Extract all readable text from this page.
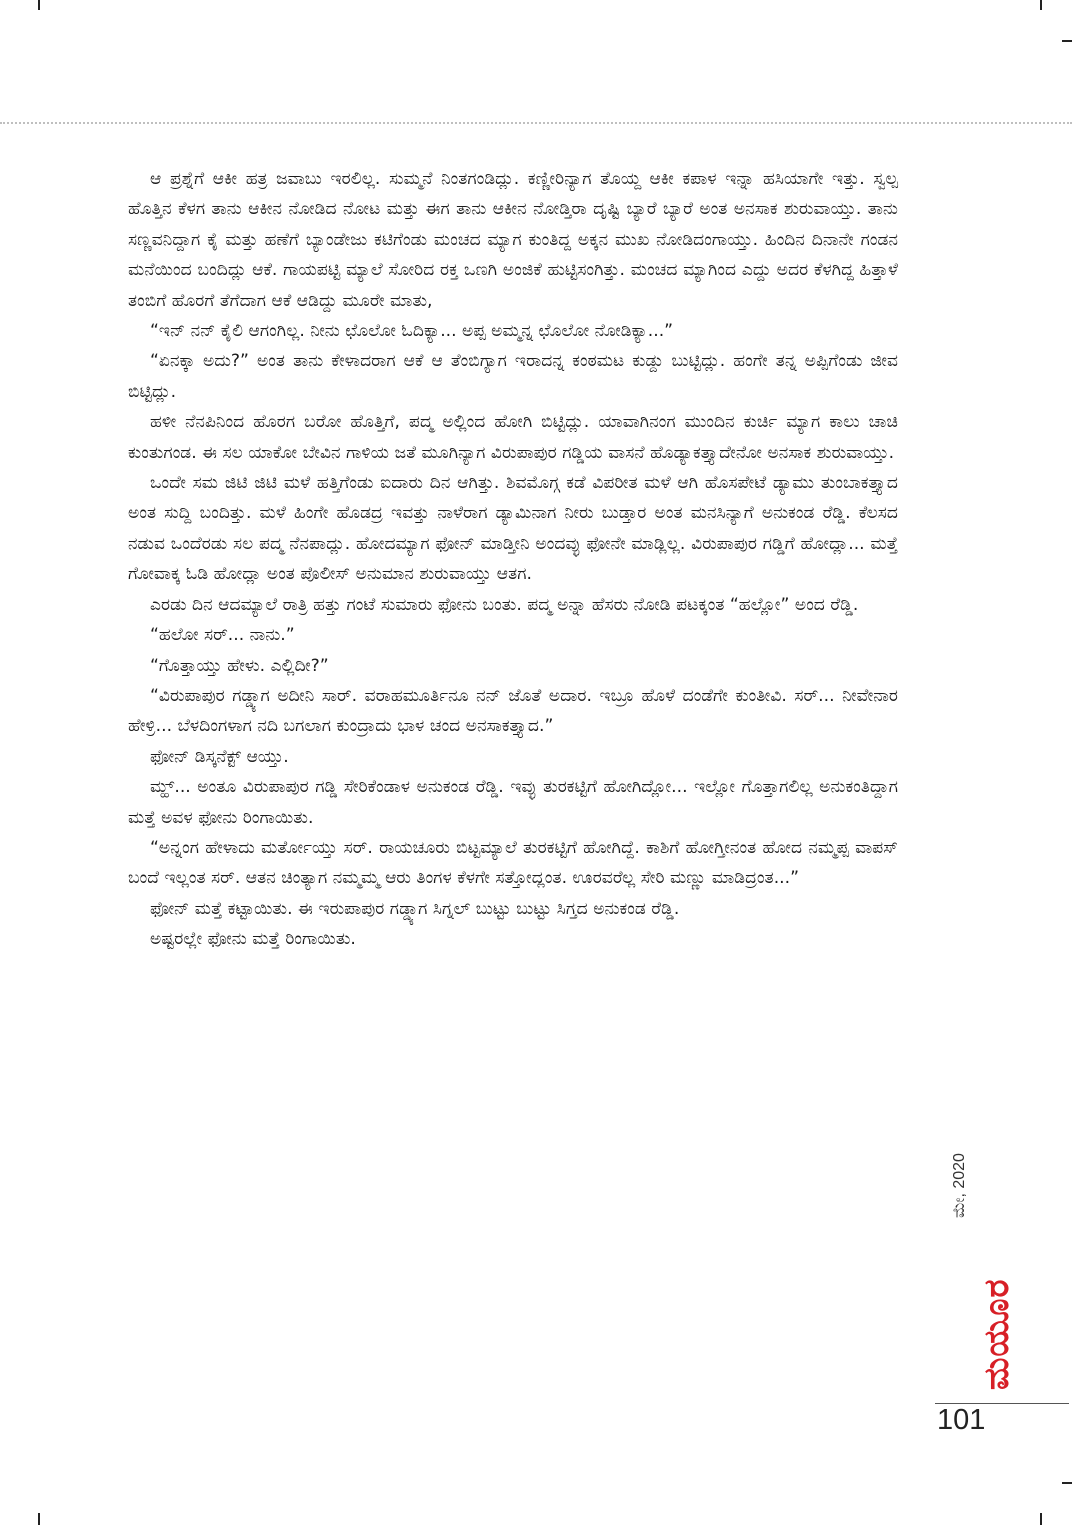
ಆ ಪ್ರಶ್ನೆಗೆ ಆಕೀ ಹತ್ರ ಜವಾಬು ಇರಲಿಲ್ಲ. ಸುಮ್ಮನೆ ನಿಂತಗಂಡಿದ್ಲು. ಕಣ್ಣೀರಿನ್ಯಾಗ ತೊಯ್ದ ಆಕೀ ಕಪಾಳ ಇನ್ನಾ ಹಸಿಯಾಗೇ ಇತ್ತು. ಸ್ವಲ್ಪ ಹೊತ್ತಿನ ಕೆಳಗ ತಾನು ಆಕೀನ ನೋಡಿದ ನೋಟ ಮತ್ತು ಈಗ ತಾನು ಆಕೀನ ನೋಡ್ತಿರಾ ದೃಷ್ಟಿ ಬ್ಯಾರೆ ಬ್ಯಾರೆ ಅಂತ ಅನಸಾಕ ಶುರುವಾಯ್ತು. ತಾನು ಸಣ್ಣವನಿದ್ದಾಗ ಕೈ ಮತ್ತು ಹಣೆಗೆ ಬ್ಯಾಂಡೇಜು ಕಟಿಗೆಂಡು ಮಂಚದ ಮ್ಯಾಗ ಕುಂತಿದ್ದ ಅಕ್ಕನ ಮುಖ ನೋಡಿದಂಗಾಯ್ತು. ಹಿಂದಿನ ದಿನಾನೇ ಗಂಡನ ಮನೆಯಿಂದ ಬಂದಿದ್ಲು ಆಕೆ. ಗಾಯಪಟ್ಟಿ ಮ್ಯಾಲೆ ಸೋರಿದ ರಕ್ತ ಒಣಗಿ ಅಂಜಿಕೆ ಹುಟ್ಟಿಸಂಗಿತ್ತು. ಮಂಚದ ಮ್ಯಾಗಿಂದ ಎದ್ದು ಅದರ ಕೆಳಗಿದ್ದ ಹಿತ್ತಾಳೆ ತಂಬಿಗೆ ಹೊರಗೆ ತೆಗೆದಾಗ ಆಕೆ ಆಡಿದ್ದು ಮೂರೇ ಮಾತು,

“ಇನ್ ನನ್ ಕೈಲಿ ಆಗಂಗಿಲ್ಲ. ನೀನು ಛೊಲೋ ಓದಿಕ್ಯಾ... ಅಪ್ಪ ಅಮ್ಮನ್ನ ಛೊಲೋ ನೋಡಿಕ್ಯಾ...”

“ಏನಕ್ಕಾ ಅದು?” ಅಂತ ತಾನು ಕೇಳಾದರಾಗ ಆಕೆ ಆ ತೆಂಬಿಗ್ಯಾಗ ಇರಾದನ್ನ ಕಂಠಮಟ ಕುಡ್ದು ಬುಟ್ಟಿದ್ಲು. ಹಂಗೇ ತನ್ನ ಅಪ್ಪಿಗೆಂಡು ಜೀವ ಬಿಟ್ಟಿದ್ಲು.

ಹಳೀ ನೆನಪಿನಿಂದ ಹೊರಗ ಬರೋ ಹೊತ್ತಿಗೆ, ಪದ್ಮ ಅಲ್ಲಿಂದ ಹೋಗಿ ಬಿಟ್ಟಿದ್ಲು. ಯಾವಾಗಿನಂಗ ಮುಂದಿನ ಕುರ್ಚಿ ಮ್ಯಾಗ ಕಾಲು ಚಾಚಿ ಕುಂತುಗಂಡ. ಈ ಸಲ ಯಾಕೋ ಬೇವಿನ ಗಾಳಿಯ ಜತೆ ಮೂಗಿನ್ಯಾಗ ವಿರುಪಾಪುರ ಗಡ್ಡಿಯ ವಾಸನೆ ಹೊಡ್ಯಾಕತ್ತ್ಯಾದೇನೋ ಅನಸಾಕ ಶುರುವಾಯ್ತು.

ಒಂದೇ ಸಮ ಜಿಟಿ ಜಿಟಿ ಮಳೆ ಹತ್ತಿಗೆಂಡು ಐದಾರು ದಿನ ಆಗಿತ್ತು. ಶಿವಮೊಗ್ಗ ಕಡೆ ವಿಪರೀತ ಮಳೆ ಆಗಿ ಹೊಸಪೇಟೆ ಡ್ಯಾಮು ತುಂಬಾಕತ್ತ್ಯಾದ ಅಂತ ಸುದ್ದಿ ಬಂದಿತ್ತು. ಮಳೆ ಹಿಂಗೇ ಹೊಡದ್ರ ಇವತ್ತು ನಾಳೆರಾಗ ಡ್ಯಾಮಿನಾಗ ನೀರು ಬುಡ್ತಾರ ಅಂತ ಮನಸಿನ್ಯಾಗೆ ಅನುಕಂಡ ರೆಡ್ಡಿ. ಕೆಲಸದ ನಡುವ ಒಂದೆರಡು ಸಲ ಪದ್ಮ ನೆನಪಾದ್ಲು. ಹೋದಮ್ಯಾಗ ಫೋನ್ ಮಾಡ್ತೀನಿ ಅಂದವ್ಳು ಫೋನೇ ಮಾಡ್ಲಿಲ್ಲ. ವಿರುಪಾಪುರ ಗಡ್ಡಿಗೆ ಹೋದ್ಲಾ... ಮತ್ತೆ ಗೋವಾಕ್ಕ ಓಡಿ ಹೋದ್ಲಾ ಅಂತ ಪೊಲೀಸ್ ಅನುಮಾನ ಶುರುವಾಯ್ತು ಆತಗ.

ಎರಡು ದಿನ ಆದಮ್ಯಾಲೆ ರಾತ್ರಿ ಹತ್ತು ಗಂಟೆ ಸುಮಾರು ಫೋನು ಬಂತು. ಪದ್ಮ ಅನ್ನಾ ಹೆಸರು ನೋಡಿ ಪಟಕ್ಕಂತ “ಹಲ್ಲೋ” ಅಂದ ರೆಡ್ಡಿ.

“ಹಲೋ ಸರ್... ನಾನು.”

“ಗೊತ್ತಾಯ್ತು ಹೇಳು. ಎಲ್ಲಿದೀ?”

“ವಿರುಪಾಪುರ ಗಡ್ಡ್ಯಾಗ ಅದೀನಿ ಸಾರ್. ವರಾಹಮೂರ್ತಿನೂ ನನ್ ಜೊತೆ ಅದಾರ. ಇಬ್ರೂ ಹೊಳೆ ದಂಡೆಗೇ ಕುಂತೀವಿ. ಸರ್... ನೀವೇನಾರ ಹೇಳ್ರಿ... ಬೆಳದಿಂಗಳಾಗ ನದಿ ಬಗಲಾಗ ಕುಂದ್ರಾದು ಭಾಳ ಚಂದ ಅನಸಾಕತ್ತ್ಯಾದ.”

ಫೋನ್ ಡಿಸ್ಕನೆಕ್ಟ್ ಆಯ್ತು.

ಮ್ಹ್... ಅಂತೂ ವಿರುಪಾಪುರ ಗಡ್ಡಿ ಸೇರಿಕೆಂಡಾಳ ಅನುಕಂಡ ರೆಡ್ಡಿ. ಇವ್ಳು ತುರಕಟ್ಟಿಗೆ ಹೋಗಿದ್ಲೋ... ಇಲ್ಲೋ ಗೊತ್ತಾಗಲಿಲ್ಲ ಅನುಕಂತಿದ್ದಾಗ ಮತ್ತೆ ಅವಳ ಫೋನು ರಿಂಗಾಯಿತು.

“ಅನ್ನಂಗ ಹೇಳಾದು ಮರ್ತೋಯ್ತು ಸರ್. ರಾಯಚೂರು ಬಿಟ್ಟಮ್ಯಾಲೆ ತುರಕಟ್ಟಿಗೆ ಹೋಗಿದ್ದೆ. ಕಾಶಿಗೆ ಹೋಗ್ತೀನಂತ ಹೋದ ನಮ್ಮಪ್ಪ ವಾಪಸ್ ಬಂದೆ ಇಲ್ಲಂತ ಸರ್. ಆತನ ಚಿಂತ್ಯಾಗ ನಮ್ಮಮ್ಮ ಆರು ತಿಂಗಳ ಕೆಳಗೇ ಸತ್ತೋದ್ಲಂತ. ಊರವರೆಲ್ಲ ಸೇರಿ ಮಣ್ಣು ಮಾಡಿದ್ರಂತ...”

ಫೋನ್ ಮತ್ತೆ ಕಟ್ಟಾಯಿತು. ಈ ಇರುಪಾಪುರ ಗಡ್ಡ್ಯಾಗ ಸಿಗ್ನಲ್ ಬುಟ್ಟು ಬುಟ್ಟು ಸಿಗ್ತದ ಅನುಕಂಡ ರೆಡ್ಡಿ.

ಅಷ್ಟರಲ್ಲೇ ಫೋನು ಮತ್ತೆ ರಿಂಗಾಯಿತು.

ಮೇ, 2020
ಮಯೂರ
101
